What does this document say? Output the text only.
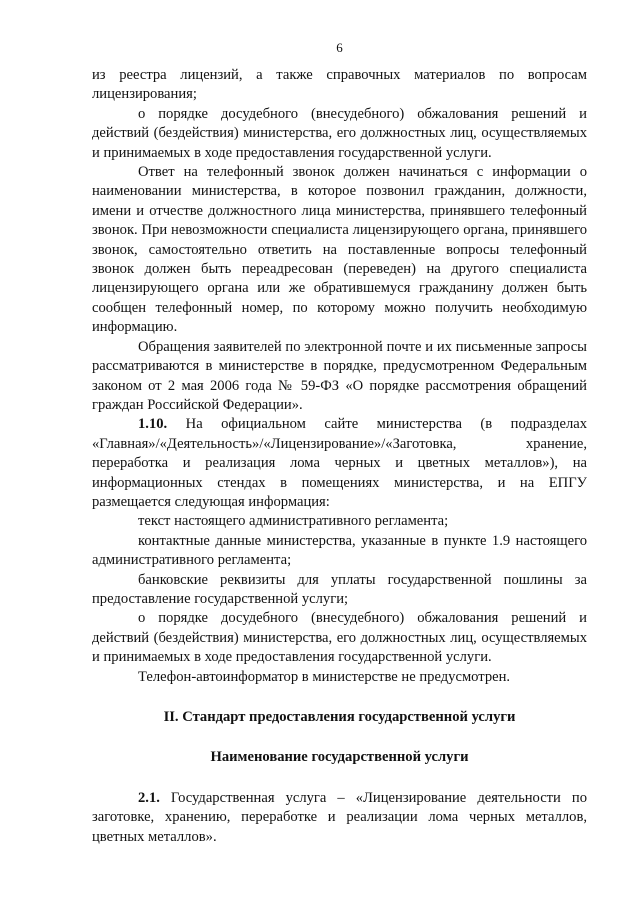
6

из реестра лицензий, а также справочных материалов по вопросам лицензирования;

о порядке досудебного (внесудебного) обжалования решений и действий (бездействия) министерства, его должностных лиц, осуществляемых и принимаемых в ходе предоставления государственной услуги.

Ответ на телефонный звонок должен начинаться с информации о наименовании министерства, в которое позвонил гражданин, должности, имени и отчестве должностного лица министерства, принявшего телефонный звонок. При невозможности специалиста лицензирующего органа, принявшего звонок, самостоятельно ответить на поставленные вопросы телефонный звонок должен быть переадресован (переведен) на другого специалиста лицензирующего органа или же обратившемуся гражданину должен быть сообщен телефонный номер, по которому можно получить необходимую информацию.

Обращения заявителей по электронной почте и их письменные запросы рассматриваются в министерстве в порядке, предусмотренном Федеральным законом от 2 мая 2006 года № 59-ФЗ «О порядке рассмотрения обращений граждан Российской Федерации».

1.10. На официальном сайте министерства (в подразделах «Главная»/«Деятельность»/«Лицензирование»/«Заготовка, хранение, переработка и реализация лома черных и цветных металлов»), на информационных стендах в помещениях министерства, и на ЕПГУ размещается следующая информация:

текст настоящего административного регламента;

контактные данные министерства, указанные в пункте 1.9 настоящего административного регламента;

банковские реквизиты для уплаты государственной пошлины за предоставление государственной услуги;

о порядке досудебного (внесудебного) обжалования решений и действий (бездействия) министерства, его должностных лиц, осуществляемых и принимаемых в ходе предоставления государственной услуги.

Телефон-автоинформатор в министерстве не предусмотрен.

II. Стандарт предоставления государственной услуги
Наименование государственной услуги

2.1. Государственная услуга – «Лицензирование деятельности по заготовке, хранению, переработке и реализации лома черных металлов, цветных металлов».
